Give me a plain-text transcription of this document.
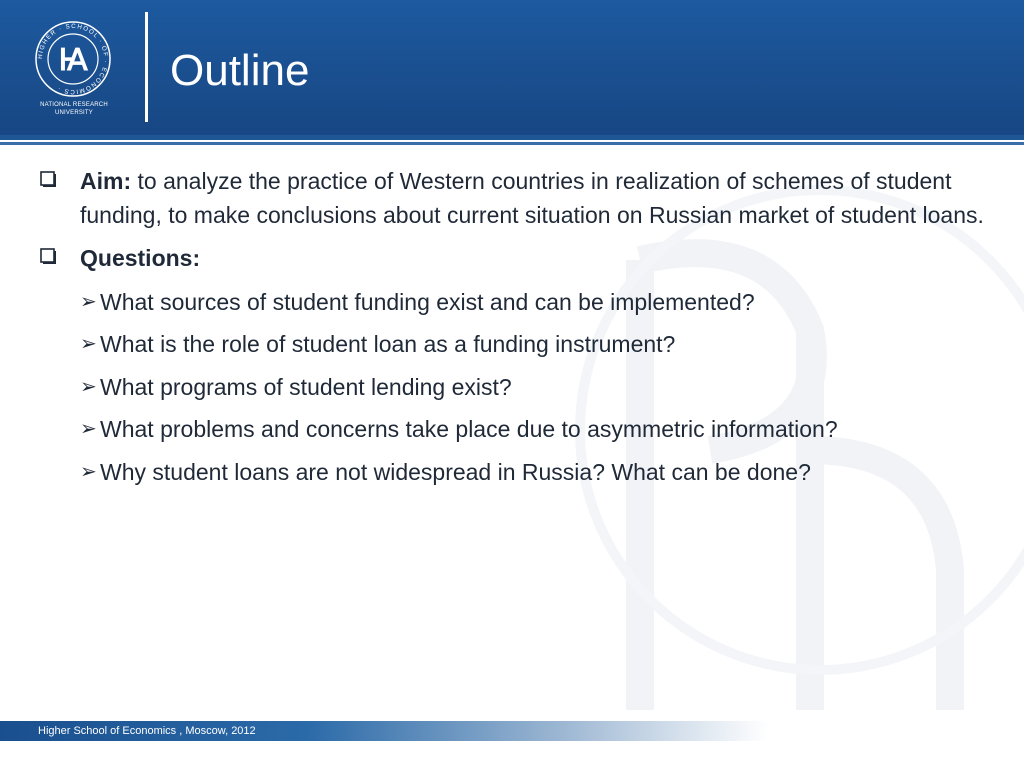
HIGHER · SCHOOL · OF · ECONOMICS ·
Ꙗ
NATIONAL RESEARCH
UNIVERSITY
Outline
Aim: to analyze the practice of Western countries in realization of schemes of student funding, to make conclusions about current situation on Russian market of student loans.
Questions:
➢ What sources of student funding exist and can be implemented?
➢ What is the role of student loan as a funding instrument?
➢ What programs of student lending exist?
➢ What problems and concerns take place due to asymmetric information?
➢ Why student loans are not widespread in Russia? What can be done?
Higher School of Economics , Moscow, 2012
